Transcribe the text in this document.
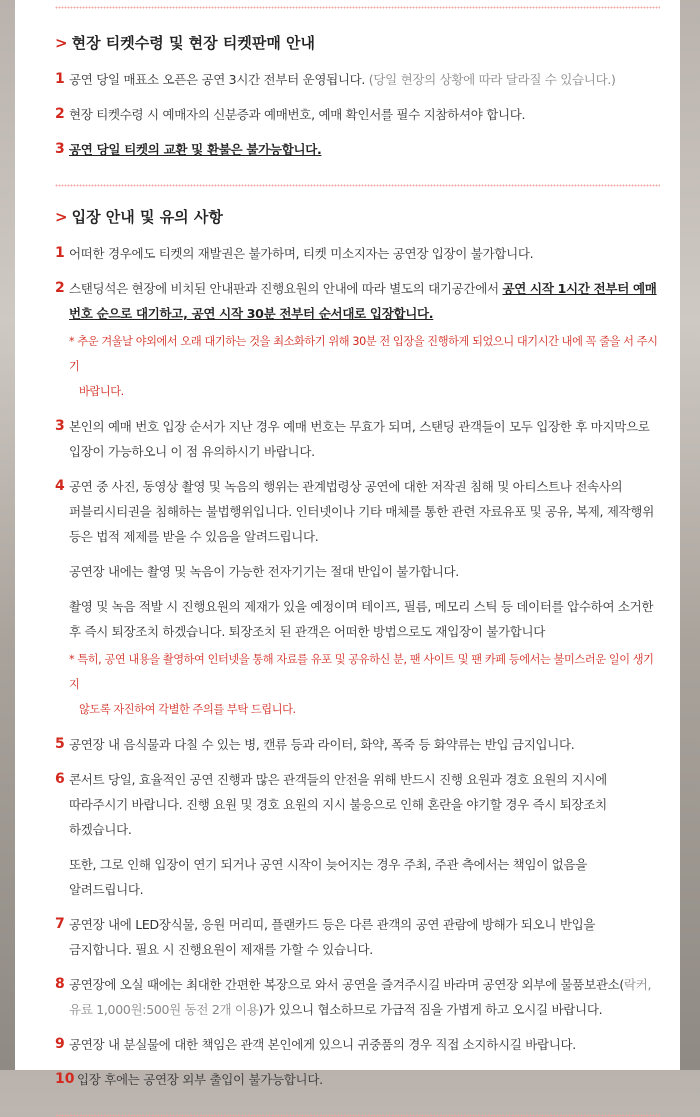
> 현장 티켓수령 및 현장 티켓판매 안내
1 공연 당일 매표소 오픈은 공연 3시간 전부터 운영됩니다. (당일 현장의 상황에 따라 달라질 수 있습니다.)

2 현장 티켓수령 시 예매자의 신분증과 예매번호, 예매 확인서를 필수 지참하셔야 합니다.

3 공연 당일 티켓의 교환 및 환불은 불가능합니다.

> 입장 안내 및 유의 사항
1 어떠한 경우에도 티켓의 재발권은 불가하며, 티켓 미소지자는 공연장 입장이 불가합니다.

2 스탠딩석은 현장에 비치된 안내판과 진행요원의 안내에 따라 별도의 대기공간에서 공연 시작 1시간 전부터 예매

번호 순으로 대기하고, 공연 시작 30분 전부터 순서대로 입장합니다.

* 추운 겨울날 야외에서 오래 대기하는 것을 최소화하기 위해 30분 전 입장을 진행하게 되었으니 대기시간 내에 꼭 줄을 서 주시기
바랍니다.
3 본인의 예매 번호 입장 순서가 지난 경우 예매 번호는 무효가 되며, 스탠딩 관객들이 모두 입장한 후 마지막으로

입장이 가능하오니 이 점 유의하시기 바랍니다.

4 공연 중 사진, 동영상 촬영 및 녹음의 행위는 관계법령상 공연에 대한 저작권 침해 및 아티스트나 전속사의

퍼블리시티권을 침해하는 불법행위입니다. 인터넷이나 기타 매체를 통한 관련 자료유포 및 공유, 복제, 제작행위

등은 법적 제제를 받을 수 있음을 알려드립니다.

공연장 내에는 촬영 및 녹음이 가능한 전자기기는 절대 반입이 불가합니다.

촬영 및 녹음 적발 시 진행요원의 제재가 있을 예정이며 테이프, 필름, 메모리 스틱 등 데이터를 압수하여 소거한

후 즉시 퇴장조치 하겠습니다. 퇴장조치 된 관객은 어떠한 방법으로도 재입장이 불가합니다

* 특히, 공연 내용을 촬영하여 인터넷을 통해 자료를 유포 및 공유하신 분, 팬 사이트 및 팬 카페 등에서는 불미스러운 일이 생기지
않도록 자진하여 각별한 주의를 부탁 드립니다.
5 공연장 내 음식물과 다칠 수 있는 병, 캔류 등과 라이터, 화약, 폭죽 등 화약류는 반입 금지입니다.

6 콘서트 당일, 효율적인 공연 진행과 많은 관객들의 안전을 위해 반드시 진행 요원과 경호 요원의 지시에

따라주시기 바랍니다. 진행 요원 및 경호 요원의 지시 불응으로 인해 혼란을 야기할 경우 즉시 퇴장조치

하겠습니다.

또한, 그로 인해 입장이 연기 되거나 공연 시작이 늦어지는 경우 주최, 주관 측에서는 책임이 없음을

알려드립니다.

7 공연장 내에 LED장식물, 응원 머리띠, 플랜카드 등은 다른 관객의 공연 관람에 방해가 되오니 반입을

금지합니다. 필요 시 진행요원이 제재를 가할 수 있습니다.

8 공연장에 오실 때에는 최대한 간편한 복장으로 와서 공연을 즐겨주시길 바라며 공연장 외부에 물품보관소(락커,

유료 1,000원:500원 동전 2개 이용)가 있으니 협소하므로 가급적 짐을 가볍게 하고 오시길 바랍니다.

9 공연장 내 분실물에 대한 책임은 관객 본인에게 있으니 귀중품의 경우 직접 소지하시길 바랍니다.

10 입장 후에는 공연장 외부 출입이 불가능합니다.
